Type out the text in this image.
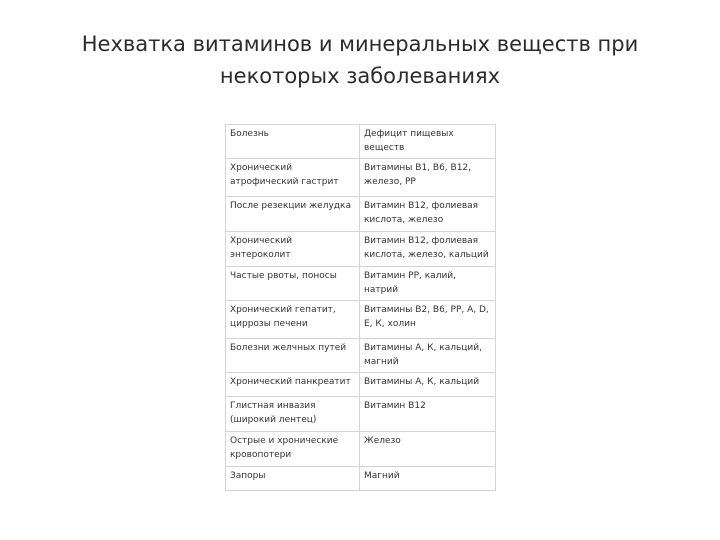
Нехватка витаминов и минеральных веществ при
некоторых заболеваниях
Болезнь	Дефицит пищевых веществ
Хронический атрофический гастрит	Витамины В1, В6, В12, железо, РР
После резекции желудка	Витамин В12, фолиевая кислота, железо
Хронический энтероколит	Витамин В12, фолиевая кислота, железо, кальций
Частые рвоты, поносы	Витамин РР, калий, натрий
Хронический гепатит, циррозы печени	Витамины В2, В6, РР, А, D, Е, К, холин
Болезни желчных путей	Витамины А, К, кальций, магний
Хронический панкреатит	Витамины А, К, кальций
Глистная инвазия (широкий лентец)	Витамин В12
Острые и хронические кровопотери	Железо
Запоры	Магний
